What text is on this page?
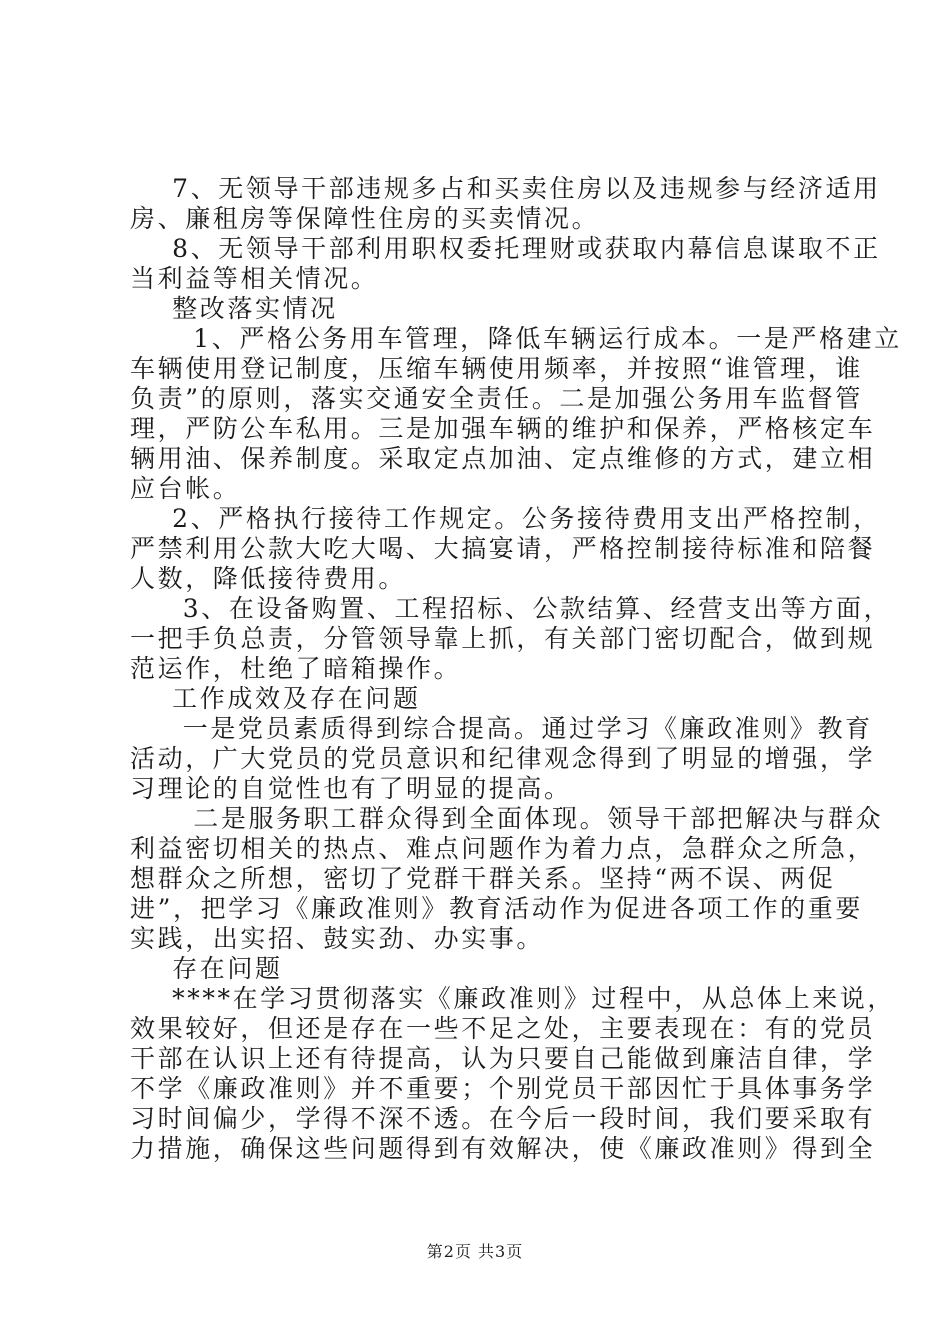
7、无领导干部违规多占和买卖住房以及违规参与经济适用
房、廉租房等保障性住房的买卖情况。
8、无领导干部利用职权委托理财或获取内幕信息谋取不正
当利益等相关情况。
整改落实情况
1、严格公务用车管理，降低车辆运行成本。一是严格建立
车辆使用登记制度，压缩车辆使用频率，并按照“谁管理，谁
负责”的原则，落实交通安全责任。二是加强公务用车监督管
理，严防公车私用。三是加强车辆的维护和保养，严格核定车
辆用油、保养制度。采取定点加油、定点维修的方式，建立相
应台帐。
2、严格执行接待工作规定。公务接待费用支出严格控制，
严禁利用公款大吃大喝、大搞宴请，严格控制接待标准和陪餐
人数，降低接待费用。
3、在设备购置、工程招标、公款结算、经营支出等方面，
一把手负总责，分管领导靠上抓，有关部门密切配合，做到规
范运作，杜绝了暗箱操作。
工作成效及存在问题
一是党员素质得到综合提高。通过学习《廉政准则》教育
活动，广大党员的党员意识和纪律观念得到了明显的增强，学
习理论的自觉性也有了明显的提高。
二是服务职工群众得到全面体现。领导干部把解决与群众
利益密切相关的热点、难点问题作为着力点，急群众之所急，
想群众之所想，密切了党群干群关系。坚持“两不误、两促
进”，把学习《廉政准则》教育活动作为促进各项工作的重要
实践，出实招、鼓实劲、办实事。
存在问题
****在学习贯彻落实《廉政准则》过程中，从总体上来说，
效果较好，但还是存在一些不足之处，主要表现在：有的党员
干部在认识上还有待提高，认为只要自己能做到廉洁自律，学
不学《廉政准则》并不重要；个别党员干部因忙于具体事务学
习时间偏少，学得不深不透。在今后一段时间，我们要采取有
力措施，确保这些问题得到有效解决，使《廉政准则》得到全
第2页 共3页
